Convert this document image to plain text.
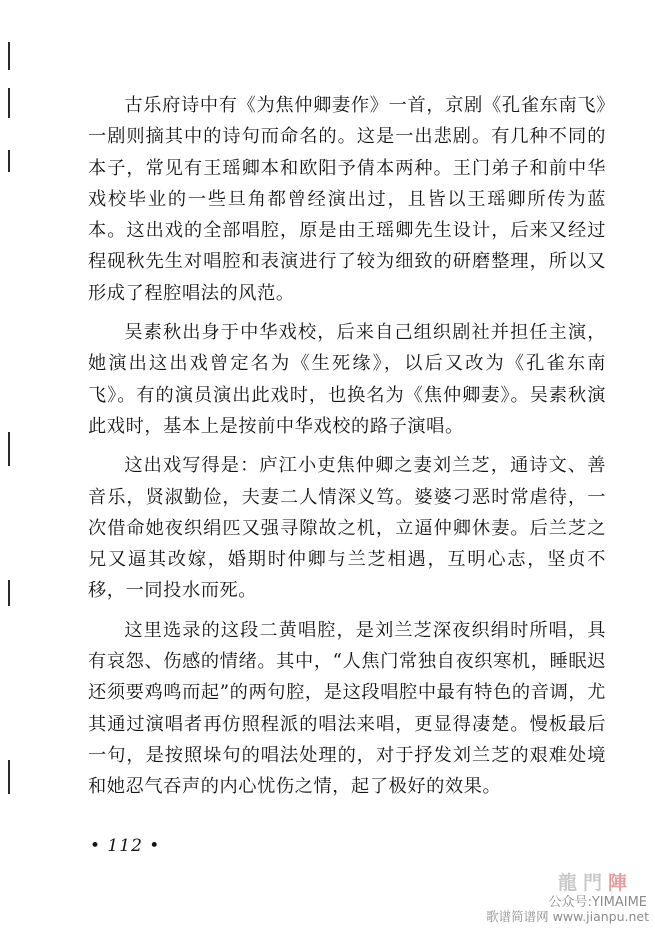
古乐府诗中有《为焦仲卿妻作》一首，京剧《孔雀东南飞》一剧则摘其中的诗句而命名的。这是一出悲剧。有几种不同的本子，常见有王瑶卿本和欧阳予倩本两种。王门弟子和前中华戏校毕业的一些旦角都曾经演出过，且皆以王瑶卿所传为蓝本。这出戏的全部唱腔，原是由王瑶卿先生设计，后来又经过程砚秋先生对唱腔和表演进行了较为细致的研磨整理，所以又形成了程腔唱法的风范。

吴素秋出身于中华戏校，后来自己组织剧社并担任主演，她演出这出戏曾定名为《生死缘》，以后又改为《孔雀东南飞》。有的演员演出此戏时，也换名为《焦仲卿妻》。吴素秋演此戏时，基本上是按前中华戏校的路子演唱。

这出戏写得是：庐江小吏焦仲卿之妻刘兰芝，通诗文、善音乐，贤淑勤俭，夫妻二人情深义笃。婆婆刁恶时常虐待，一次借命她夜织绢匹又强寻隙故之机，立逼仲卿休妻。后兰芝之兄又逼其改嫁，婚期时仲卿与兰芝相遇，互明心志，坚贞不移，一同投水而死。

这里选录的这段二黄唱腔，是刘兰芝深夜织绢时所唱，具有哀怨、伤感的情绪。其中，“人焦门常独自夜织寒机，睡眠迟还须要鸡鸣而起”的两句腔，是这段唱腔中最有特色的音调，尤其通过演唱者再仿照程派的唱法来唱，更显得凄楚。慢板最后一句，是按照垛句的唱法处理的，对于抒发刘兰芝的艰难处境和她忍气吞声的内心忧伤之情，起了极好的效果。

• 112 •
龍門陣
公众号:YIMAIME
歌谱简谱网 www.jianpu.net
